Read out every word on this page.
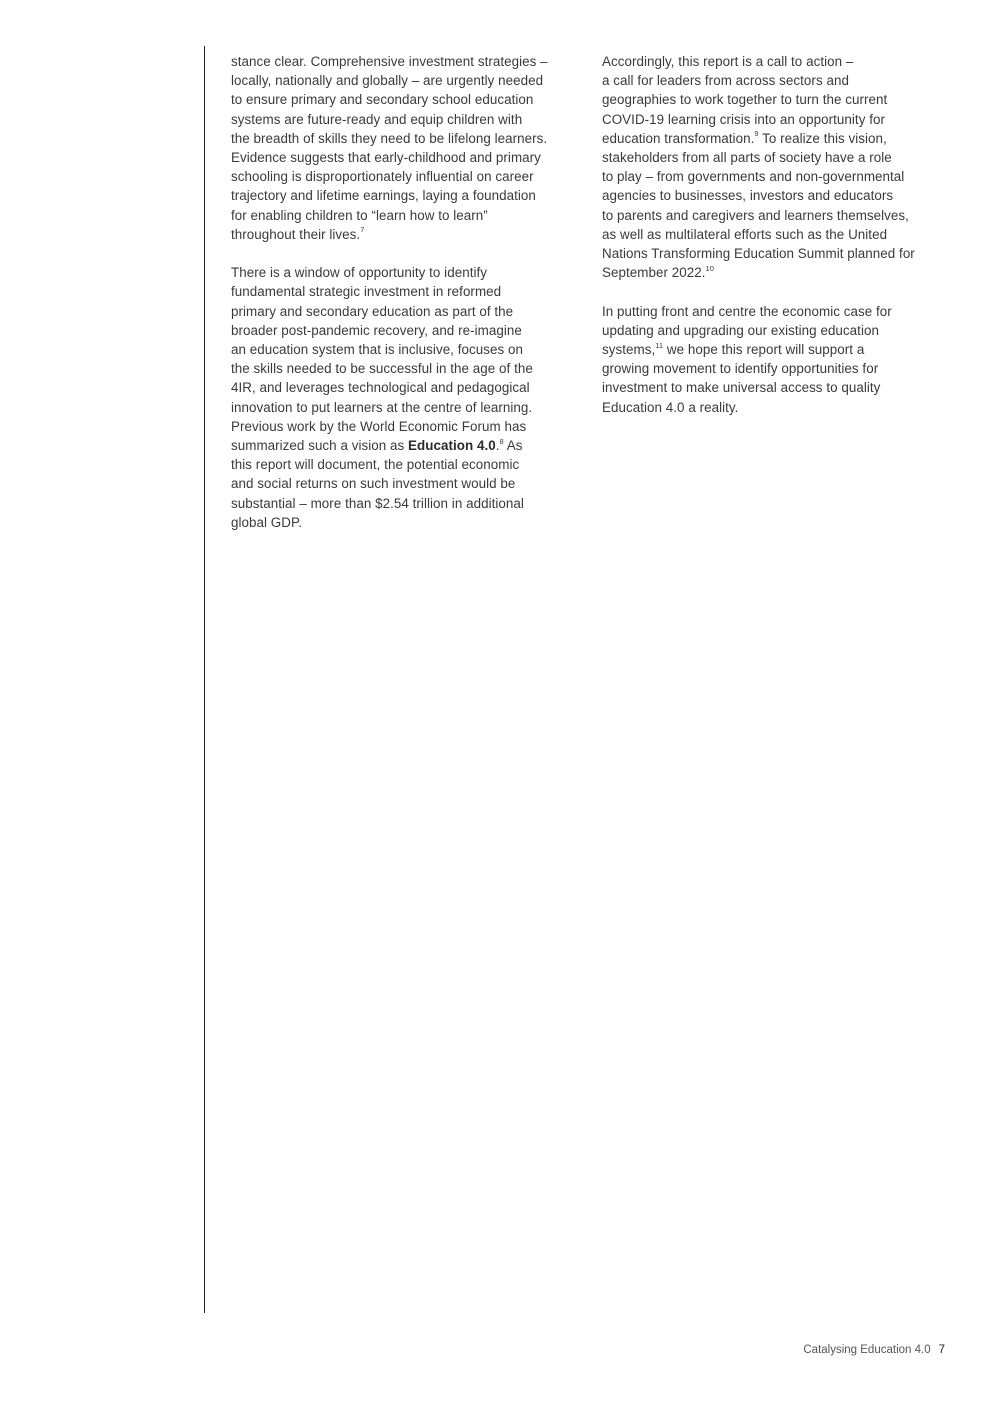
stance clear. Comprehensive investment strategies –
locally, nationally and globally – are urgently needed
to ensure primary and secondary school education
systems are future-ready and equip children with
the breadth of skills they need to be lifelong learners.
Evidence suggests that early-childhood and primary
schooling is disproportionately influential on career
trajectory and lifetime earnings, laying a foundation
for enabling children to “learn how to learn”
throughout their lives.$^7$

There is a window of opportunity to identify
fundamental strategic investment in reformed
primary and secondary education as part of the
broader post-pandemic recovery, and re-imagine
an education system that is inclusive, focuses on
the skills needed to be successful in the age of the
4IR, and leverages technological and pedagogical
innovation to put learners at the centre of learning.
Previous work by the World Economic Forum has
summarized such a vision as Education 4.0.$^8$ As
this report will document, the potential economic
and social returns on such investment would be
substantial – more than $2.54 trillion in additional
global GDP.

Accordingly, this report is a call to action –
a call for leaders from across sectors and
geographies to work together to turn the current
COVID-19 learning crisis into an opportunity for
education transformation.$^9$ To realize this vision,
stakeholders from all parts of society have a role
to play – from governments and non-governmental
agencies to businesses, investors and educators
to parents and caregivers and learners themselves,
as well as multilateral efforts such as the United
Nations Transforming Education Summit planned for
September 2022.10

In putting front and centre the economic case for
updating and upgrading our existing education
systems,$^{11}$ we hope this report will support a
growing movement to identify opportunities for
investment to make universal access to quality
Education 4.0 a reality.

Catalysing Education 4.0 7
